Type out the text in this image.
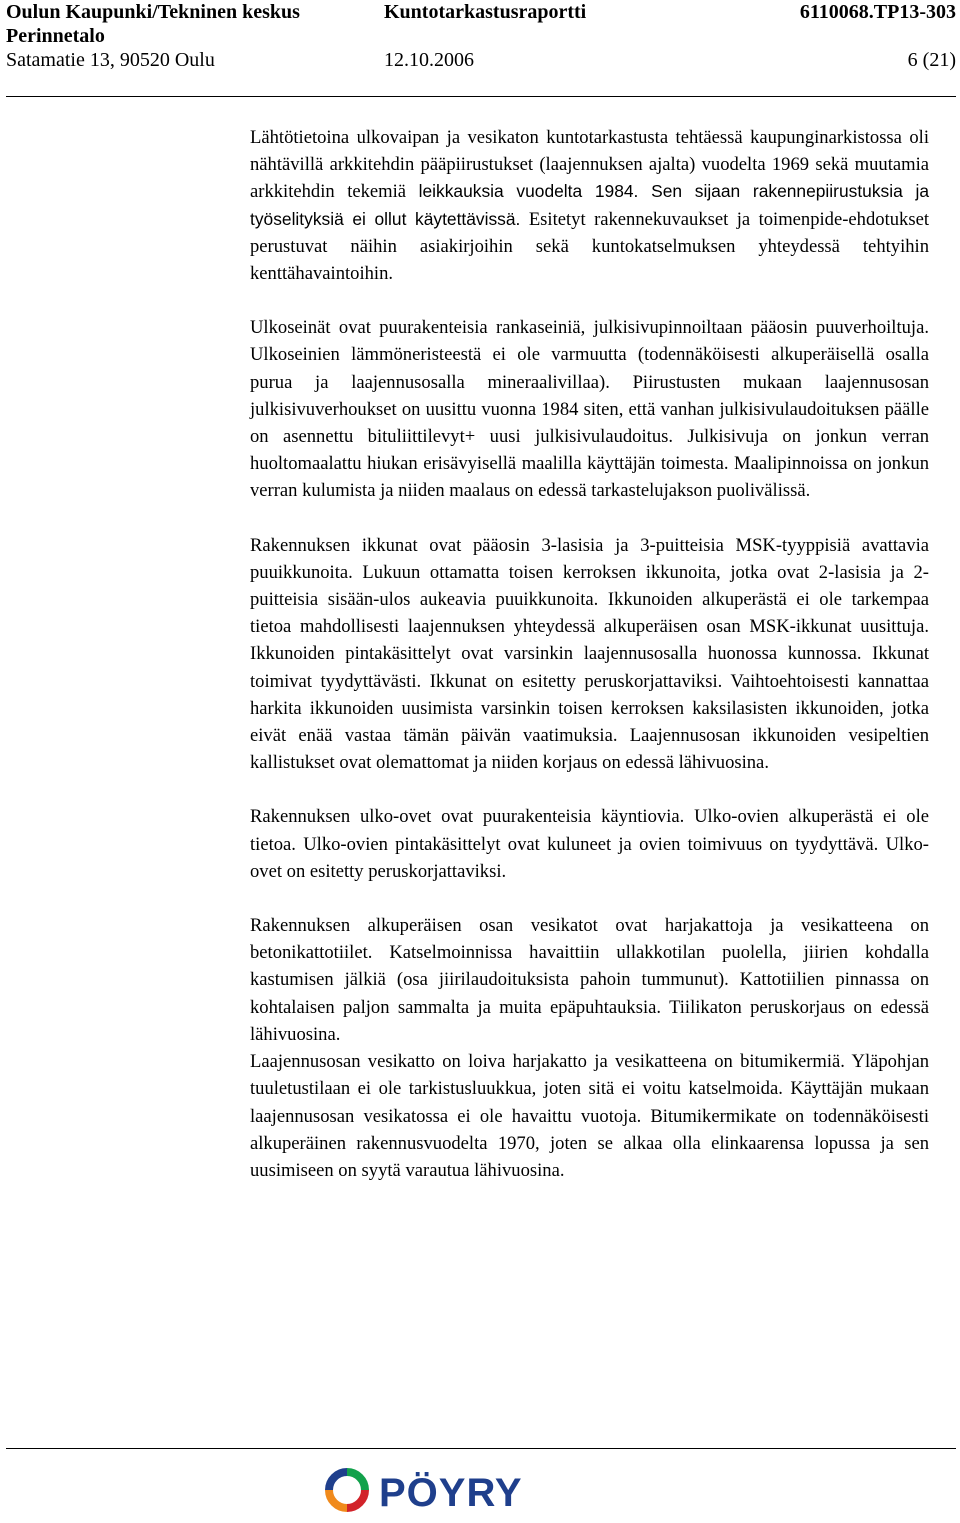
Oulun Kaupunki/Tekninen keskus	Kuntotarkastusraportti	6110068.TP13-303
Perinnetalo
Satamatie 13, 90520 Oulu	12.10.2006	6 (21)

Lähtötietoina ulkovaipan ja vesikaton kuntotarkastusta tehtäessä kaupunginarkistossa oli nähtävillä arkkitehdin pääpiirustukset (laajennuksen ajalta) vuodelta 1969 sekä muutamia arkkitehdin tekemiä leikkauksia vuodelta 1984. Sen sijaan rakennepiirustuksia ja työselityksiä ei ollut käytettävissä. Esitetyt rakennekuvaukset ja toimenpide-ehdotukset perustuvat näihin asiakirjoihin sekä kuntokatselmuksen yhteydessä tehtyihin kenttähavaintoihin.

Ulkoseinät ovat puurakenteisia rankaseiniä, julkisivupinnoiltaan pääosin puuverhoiltuja. Ulkoseinien lämmöneristeestä ei ole varmuutta (todennäköisesti alkuperäisellä osalla purua ja laajennusosalla mineraalivillaa). Piirustusten mukaan laajennusosan julkisivuverhoukset on uusittu vuonna 1984 siten, että vanhan julkisivulaudoituksen päälle on asennettu bituliittilevyt+ uusi julkisivulaudoitus. Julkisivuja on jonkun verran huoltomaalattu hiukan erisävyisellä maalilla käyttäjän toimesta. Maalipinnoissa on jonkun verran kulumista ja niiden maalaus on edessä tarkastelujakson puolivälissä.

Rakennuksen ikkunat ovat pääosin 3-lasisia ja 3-puitteisia MSK-tyyppisiä avattavia puuikkunoita. Lukuun ottamatta toisen kerroksen ikkunoita, jotka ovat 2-lasisia ja 2-puitteisia sisään-ulos aukeavia puuikkunoita. Ikkunoiden alkuperästä ei ole tarkempaa tietoa mahdollisesti laajennuksen yhteydessä alkuperäisen osan MSK-ikkunat uusittuja. Ikkunoiden pintakäsittelyt ovat varsinkin laajennusosalla huonossa kunnossa. Ikkunat toimivat tyydyttävästi. Ikkunat on esitetty peruskorjattaviksi. Vaihtoehtoisesti kannattaa harkita ikkunoiden uusimista varsinkin toisen kerroksen kaksilasisten ikkunoiden, jotka eivät enää vastaa tämän päivän vaatimuksia. Laajennusosan ikkunoiden vesipeltien kallistukset ovat olemattomat ja niiden korjaus on edessä lähivuosina.

Rakennuksen ulko-ovet ovat puurakenteisia käyntiovia. Ulko-ovien alkuperästä ei ole tietoa. Ulko-ovien pintakäsittelyt ovat kuluneet ja ovien toimivuus on tyydyttävä. Ulko-ovet on esitetty peruskorjattaviksi.

Rakennuksen alkuperäisen osan vesikatot ovat harjakattoja ja vesikatteena on betonikattotiilet. Katselmoinnissa havaittiin ullakkotilan puolella, jiirien kohdalla kastumisen jälkiä (osa jiirilaudoituksista pahoin tummunut). Kattotiilien pinnassa on kohtalaisen paljon sammalta ja muita epäpuhtauksia. Tiilikaton peruskorjaus on edessä lähivuosina.

Laajennusosan vesikatto on loiva harjakatto ja vesikatteena on bitumikermiä. Yläpohjan tuuletustilaan ei ole tarkistusluukkua, joten sitä ei voitu katselmoida. Käyttäjän mukaan laajennusosan vesikatossa ei ole havaittu vuotoja. Bitumikermikate on todennäköisesti alkuperäinen rakennusvuodelta 1970, joten se alkaa olla elinkaarensa lopussa ja sen uusimiseen on syytä varautua lähivuosina.

PÖYRY
